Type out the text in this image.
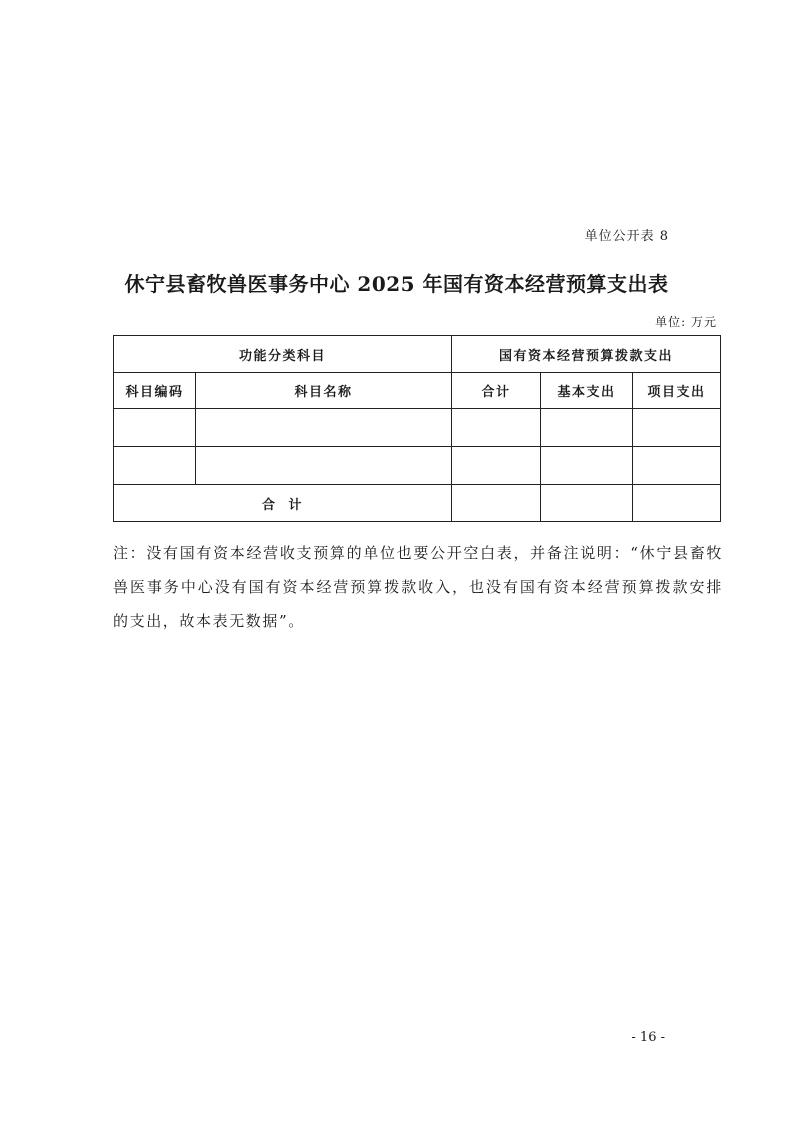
单位公开表 8
休宁县畜牧兽医事务中心 2025 年国有资本经营预算支出表
单位: 万元
功能分类科目		国有资本经营预算拨款支出		
科目编码	科目名称	合计	基本支出	项目支出

合  计				

注：没有国有资本经营收支预算的单位也要公开空白表，并备注说明：“休宁县畜牧兽医事务中心没有国有资本经营预算拨款收入，也没有国有资本经营预算拨款安排的支出，故本表无数据”。

- 16 -
